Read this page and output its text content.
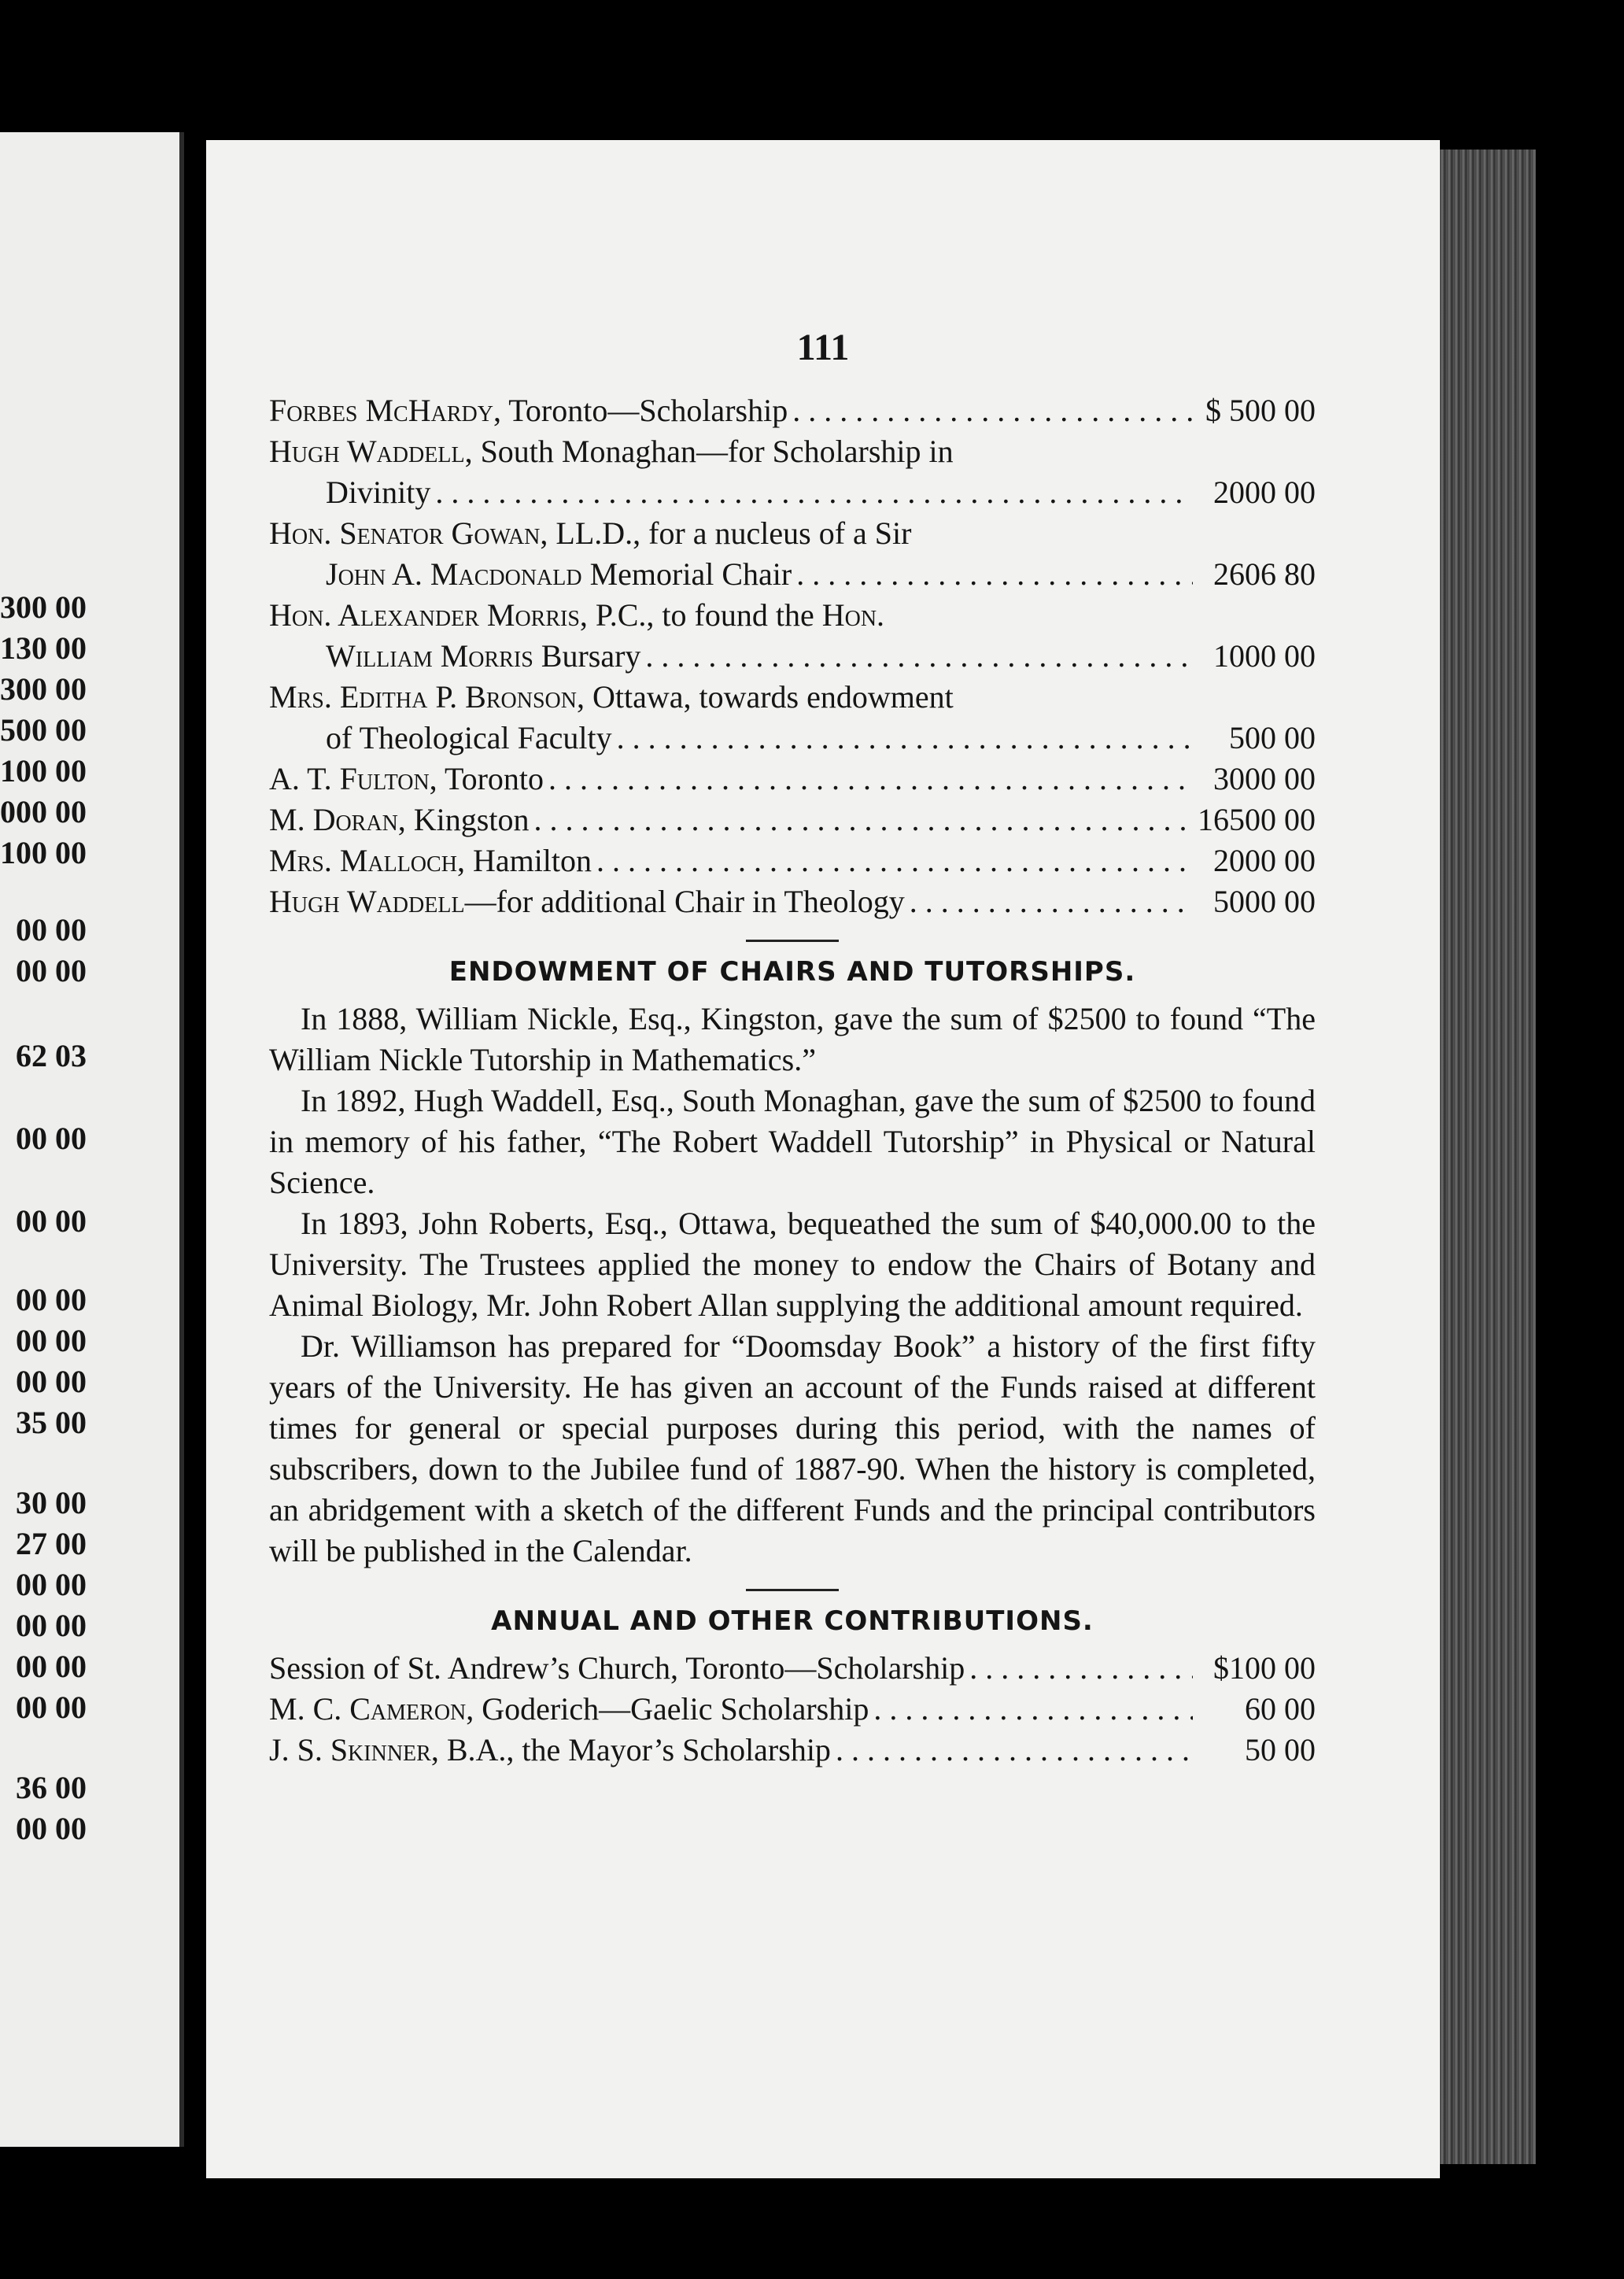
300 00
130 00
300 00
500 00
100 00
000 00
100 00
00 00
00 00
62 03
00 00
00 00
00 00
00 00
00 00
35 00
30 00
27 00
00 00
00 00
00 00
00 00
36 00
00 00
111
Forbes McHardy, Toronto—Scholarship . . .	$ 500 00
Hugh Waddell, South Monaghan—for Scholarship in
Divinity . . .	2000 00
Hon. Senator Gowan, LL.D., for a nucleus of a Sir
John A. Macdonald Memorial Chair . . .	2606 80
Hon. Alexander Morris, P.C., to found the Hon.
William Morris Bursary . . .	1000 00
Mrs. Editha P. Bronson, Ottawa, towards endowment
of Theological Faculty . . .	500 00
A. T. Fulton, Toronto . . .	3000 00
M. Doran, Kingston . . .	16500 00
Mrs. Malloch, Hamilton . . .	2000 00
Hugh Waddell—for additional Chair in Theology . . .	5000 00
ENDOWMENT OF CHAIRS AND TUTORSHIPS.

In 1888, William Nickle, Esq., Kingston, gave the sum of $2500 to found “The William Nickle Tutorship in Mathematics.”

In 1892, Hugh Waddell, Esq., South Monaghan, gave the sum of $2500 to found in memory of his father, “The Robert Waddell Tutorship” in Physical or Natural Science.

In 1893, John Roberts, Esq., Ottawa, bequeathed the sum of $40,000.00 to the University. The Trustees applied the money to endow the Chairs of Botany and Animal Biology, Mr. John Robert Allan supplying the additional amount required.

Dr. Williamson has prepared for “Doomsday Book” a history of the first fifty years of the University. He has given an account of the Funds raised at different times for general or special purposes during this period, with the names of subscribers, down to the Jubilee fund of 1887-90. When the history is completed, an abridgement with a sketch of the different Funds and the principal contributors will be published in the Calendar.

ANNUAL AND OTHER CONTRIBUTIONS.
Session of St. Andrew’s Church, Toronto—Scholarship . . .	$100 00
M. C. Cameron, Goderich—Gaelic Scholarship . . .	60 00
J. S. Skinner, B.A., the Mayor’s Scholarship . . .	50 00
